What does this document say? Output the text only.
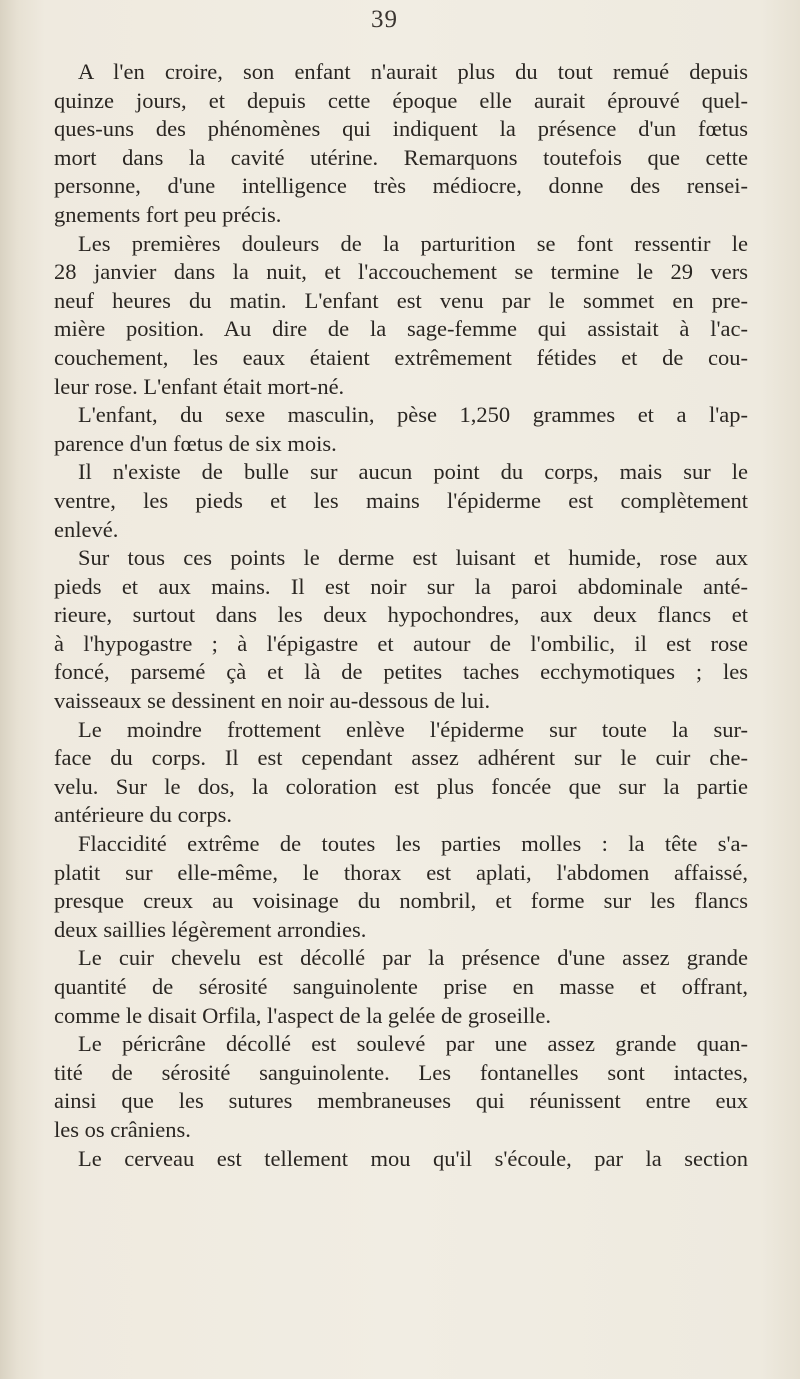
39
A l'en croire, son enfant n'aurait plus du tout remué depuis
quinze jours, et depuis cette époque elle aurait éprouvé quel-
ques-uns des phénomènes qui indiquent la présence d'un fœtus
mort dans la cavité utérine. Remarquons toutefois que cette
personne, d'une intelligence très médiocre, donne des rensei-
gnements fort peu précis.
Les premières douleurs de la parturition se font ressentir le
28 janvier dans la nuit, et l'accouchement se termine le 29 vers
neuf heures du matin. L'enfant est venu par le sommet en pre-
mière position. Au dire de la sage-femme qui assistait à l'ac-
couchement, les eaux étaient extrêmement fétides et de cou-
leur rose. L'enfant était mort-né.
L'enfant, du sexe masculin, pèse 1,250 grammes et a l'ap-
parence d'un fœtus de six mois.
Il n'existe de bulle sur aucun point du corps, mais sur le
ventre, les pieds et les mains l'épiderme est complètement
enlevé.
Sur tous ces points le derme est luisant et humide, rose aux
pieds et aux mains. Il est noir sur la paroi abdominale anté-
rieure, surtout dans les deux hypochondres, aux deux flancs et
à l'hypogastre ; à l'épigastre et autour de l'ombilic, il est rose
foncé, parsemé çà et là de petites taches ecchymotiques ; les
vaisseaux se dessinent en noir au-dessous de lui.
Le moindre frottement enlève l'épiderme sur toute la sur-
face du corps. Il est cependant assez adhérent sur le cuir che-
velu. Sur le dos, la coloration est plus foncée que sur la partie
antérieure du corps.
Flaccidité extrême de toutes les parties molles : la tête s'a-
platit sur elle-même, le thorax est aplati, l'abdomen affaissé,
presque creux au voisinage du nombril, et forme sur les flancs
deux saillies légèrement arrondies.
Le cuir chevelu est décollé par la présence d'une assez grande
quantité de sérosité sanguinolente prise en masse et offrant,
comme le disait Orfila, l'aspect de la gelée de groseille.
Le péricrâne décollé est soulevé par une assez grande quan-
tité de sérosité sanguinolente. Les fontanelles sont intactes,
ainsi que les sutures membraneuses qui réunissent entre eux
les os crâniens.
Le cerveau est tellement mou qu'il s'écoule, par la section
